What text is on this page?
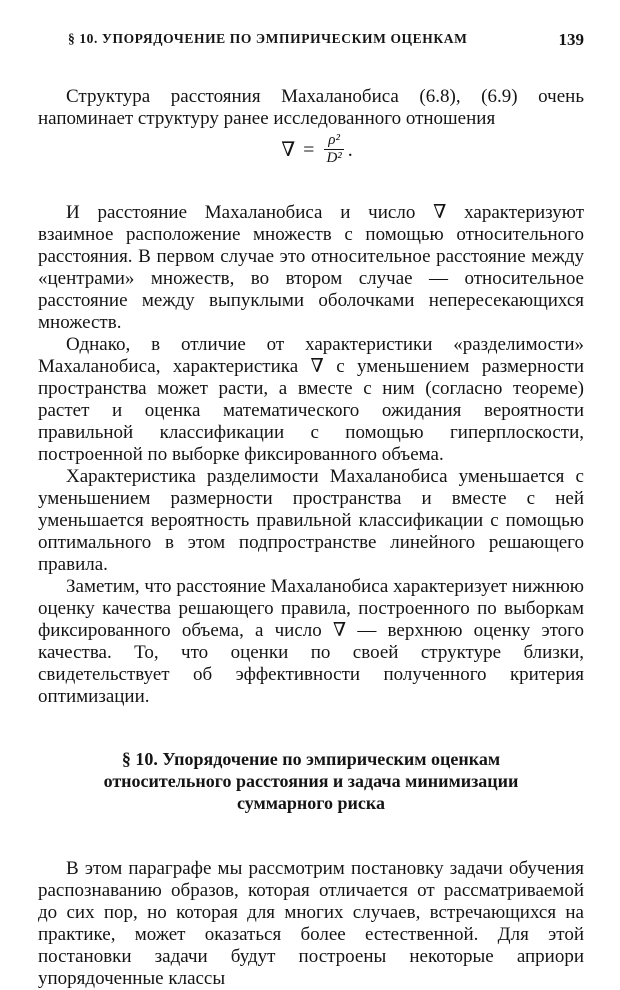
§ 10. УПОРЯДОЧЕНИЕ ПО ЭМПИРИЧЕСКИМ ОЦЕНКАМ	139

Структура расстояния Махаланобиса (6.8), (6.9) очень напоминает структуру ранее исследованного отношения

∇ = $\frac{\text{ρ²}}{\text{D²}}$ .

И расстояние Махаланобиса и число ∇ характеризуют взаимное расположение множеств с помощью относительного расстояния. В первом случае это относительное расстояние между «центрами» множеств, во втором случае — относительное расстояние между выпуклыми оболочками непересекающихся множеств.

Однако, в отличие от характеристики «разделимости» Махаланобиса, характеристика ∇ с уменьшением размерности пространства может расти, а вместе с ним (согласно теореме) растет и оценка математического ожидания вероятности правильной классификации с помощью гиперплоскости, построенной по выборке фиксированного объема.

Характеристика разделимости Махаланобиса уменьшается с уменьшением размерности пространства и вместе с ней уменьшается вероятность правильной классификации с помощью оптимального в этом подпространстве линейного решающего правила.

Заметим, что расстояние Махаланобиса характеризует нижнюю оценку качества решающего правила, построенного по выборкам фиксированного объема, а число ∇ — верхнюю оценку этого качества. То, что оценки по своей структуре близки, свидетельствует об эффективности полученного критерия оптимизации.

§ 10. Упорядочение по эмпирическим оценкам
относительного расстояния и задача минимизации
суммарного риска

В этом параграфе мы рассмотрим постановку задачи обучения распознаванию образов, которая отличается от рассматриваемой до сих пор, но которая для многих случаев, встречающихся на практике, может оказаться более естественной. Для этой постановки задачи будут построены некоторые априори упорядоченные классы
